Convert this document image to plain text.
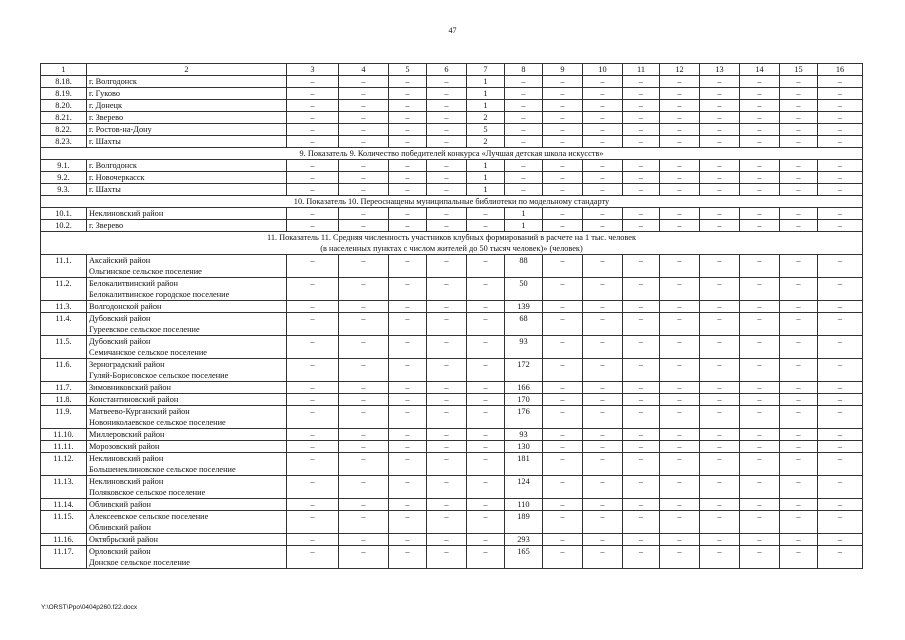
47
1	2	3	4	5	6	7	8	9	10	11	12	13	14	15	16
8.18.	г. Волгодонск	–	–	–	–	1	–	–	–	–	–	–	–	–	–
8.19.	г. Гуково	–	–	–	–	1	–	–	–	–	–	–	–	–	–
8.20.	г. Донецк	–	–	–	–	1	–	–	–	–	–	–	–	–	–
8.21.	г. Зверево	–	–	–	–	2	–	–	–	–	–	–	–	–	–
8.22.	г. Ростов-на-Дону	–	–	–	–	5	–	–	–	–	–	–	–	–	–
8.23.	г. Шахты	–	–	–	–	2	–	–	–	–	–	–	–	–	–

9. Показатель 9. Количество победителей конкурса «Лучшая детская школа искусств»															

9.1.	г. Волгодонск	–	–	–	–	1	–	–	–	–	–	–	–	–	–
9.2.	г. Новочеркасск	–	–	–	–	1	–	–	–	–	–	–	–	–	–
9.3.	г. Шахты	–	–	–	–	1	–	–	–	–	–	–	–	–	–

10. Показатель 10. Переоснащены муниципальные библиотеки по модельному стандарту															

10.1.	Неклиновский район	–	–	–	–	–	1	–	–	–	–	–	–	–	–
10.2.	г. Зверево	–	–	–	–	–	1	–	–	–	–	–	–	–	–

11. Показатель 11. Средняя численность участников клубных формирований в расчете на 1 тыс. человек
(в населенных пунктах с числом жителей до 50 тысяч человек)» (человек)															

11.1.	Аксайский район
Ольгинское сельское поселение	–	–	–	–	–	88	–	–	–	–	–	–	–	–
11.2.	Белокалитвинский район
Белокалитвинское городское поселение	–	–	–	–	–	50	–	–	–	–	–	–	–	–
11.3.	Волгодонской район	–	–	–	–	–	139	–	–	–	–	–	–	–	–
11.4.	Дубовский район
Гуреевское сельское поселение	–	–	–	–	–	68	–	–	–	–	–	–	–	–
11.5.	Дубовский район
Семичанское сельское поселение	–	–	–	–	–	93	–	–	–	–	–	–	–	–
11.6.	Зерноградский район
Гуляй-Борисовское сельское поселение	–	–	–	–	–	172	–	–	–	–	–	–	–	–
11.7.	Зимовниковский район	–	–	–	–	–	166	–	–	–	–	–	–	–	–
11.8.	Константиновский район	–	–	–	–	–	170	–	–	–	–	–	–	–	–
11.9.	Матвеево-Курганский район
Новониколаевское сельское поселение	–	–	–	–	–	176	–	–	–	–	–	–	–	–
11.10.	Миллеровский район	–	–	–	–	–	93	–	–	–	–	–	–	–	–
11.11.	Морозовский район	–	–	–	–	–	130	–	–	–	–	–	–	–	–
11.12.	Неклиновский район
Большенеклиновское сельское поселение	–	–	–	–	–	181	–	–	–	–	–	–	–	–
11.13.	Неклиновский район
Поляковское сельское поселение	–	–	–	–	–	124	–	–	–	–	–	–	–	–
11.14.	Обливский район	–	–	–	–	–	110	–	–	–	–	–	–	–	–
11.15.	Алексеевское сельское поселение
Обливский район	–	–	–	–	–	189	–	–	–	–	–	–	–	–
11.16.	Октябрьский район	–	–	–	–	–	293	–	–	–	–	–	–	–	–
11.17.	Орловский район
Донское сельское поселение	–	–	–	–	–	165	–	–	–	–	–	–	–	–
Y:\ORST\Ppo\0404p260.f22.docx
